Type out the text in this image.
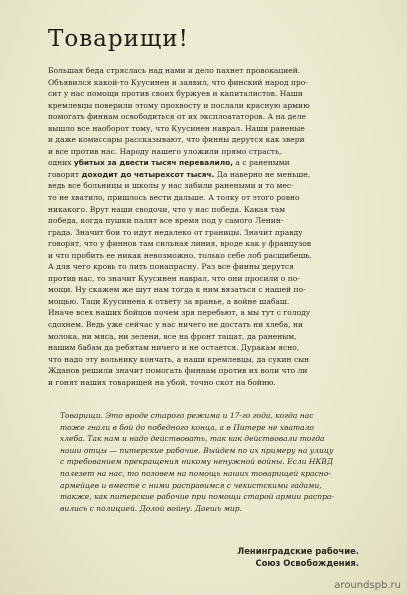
Товарищи!
Большая беда стряслась над нами и дело пахнет провокацией.
Объявился какой-то Куусинен и заявил, что финский народ про-
сит у нас помощи против своих буржуев и капиталистов. Наши
кремлевцы поверили этому прохвосту и послали красную армию
помогать финнам освободиться от их эксплоататоров. А на деле
вышло все наоборот тому, что Куусинен наврал. Наши раненые
и даже комиссары рассказывают, что финны дерутся как звери
и все против нас. Народу нашего уложили прямо страсть,
одних убитых за двести тысяч перевалило, а с ранеными
говорят доходит до четырехсот тысяч. Да наверно не меньше,
ведь все больницы и школы у нас забили ранеными и то мес-
то не хватило, пришлось вести дальше. А толку от этого ровно
никакого. Врут наши сводочи, что у нас победа. Какая там
победа, когда пушки палят все время под у самого Ленин-
града. Значит бои то идут недалеко от границы. Значит правду
говорят, что у финнов там сильная линия, вроде как у французов
и что пробить ее никак невозможно, только себе лоб расшибешь.
А для чего кровь то лить понапрасну. Раз все финны дерутся
против нас, то значит Куусинен наврал, что они просили о по-
мощи. Ну скажем же шут нам тогда к ним вязаться с нашей по-
мощью. Таци Куусинена к ответу за вранье, а войне шабаш.
Иначе всех наших бойцов почем зря перебьют, а мы тут с голоду
сдохнем. Ведь уже сейчас у нас ничего не достать ни хлеба, ни
молока, ни мяса, ни зелени, все на фронт тащат, да раненым,
нашим бабам да ребятам ничего и не остается. Дуракам ясно,
что надо эту вольнику кончать, а наши кремлевцы, да сукин сын
Жданов решили значит помогать финнам против их воли что ли
и гонят наших товарищей на убой, точно скот на бойню.
Товарищи. Это вроде старого режима и 17-го года, когда нас
тоже гнали в бой до победного конца, а в Питере не хватало
хлеба. Так нам и надо действовать, так как действовали тогда
наши отцы — питерские рабочие. Выйдем по их примеру на улицу
с требованием прекращения никому ненужной войны. Если НКВД
полезет на нас, то позовем на помощь наших товарищей красно-
армейцев и вместе с ними расправимся с чекистскими гадами,
также, как питерские рабочие при помощи старой армии распра-
вились с полицией. Долой войну. Даешь мир.
Ленинградские рабочие.
Союз Освобождения.
aroundspb.ru
